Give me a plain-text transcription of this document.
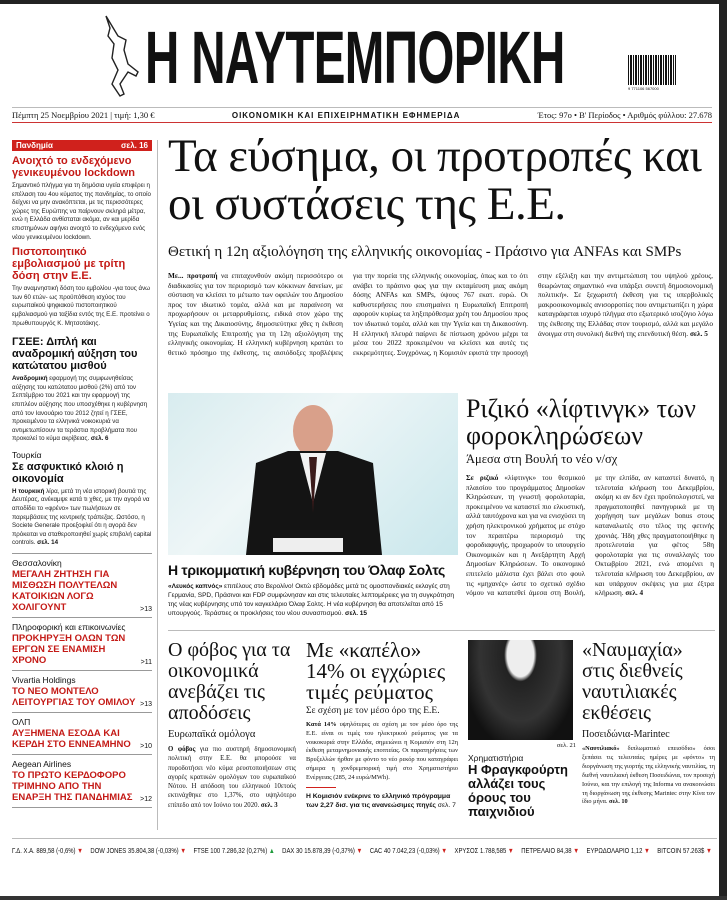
Η ΝΑΥΤΕΜΠΟΡΙΚΗ	9 771106 567000
Πέμπτη 25 Νοεμβρίου 2021 | τιμή: 1,30 €	ΟΙΚΟΝΟΜΙΚΗ ΚΑΙ ΕΠΙΧΕΙΡΗΜΑΤΙΚΗ ΕΦΗΜΕΡΙΔΑ	Έτος: 97ο • Β' Περίοδος • Αριθμός φύλλου: 27.678
Πανδημία	σελ. 16
Ανοιχτό το ενδεχόμενο γενικευμένου lockdown
Σημαντικό πλήγμα για τη δημόσια υγεία επιφέρει η επέλαση του 4ου κύματος της πανδημίας, το οποίο δείχνει να μην ανακόπτεται, με τις περισσότερες χώρες της Ευρώπης να παίρνουν σκληρά μέτρα, ενώ η Ελλάδα ανθίσταται ακόμα, αν και μερίδα επιστημόνων αφήνει ανοιχτό το ενδεχόμενο ενός νέου γενικευμένου lockdown.
Πιστοποιητικό εμβολιασμού με τρίτη δόση στην Ε.Ε.
Την αναμνηστική δόση του εμβολίου -για τους άνω των 60 ετών- ως προϋπόθεση ισχύος του ευρωπαϊκού ψηφιακού πιστοποιητικού εμβολιασμού για ταξίδια εντός της Ε.Ε. προτείνει ο πρωθυπουργός Κ. Μητσοτάκης.
ΓΣΕΕ: Διπλή και αναδρομική αύξηση του κατώτατου μισθού
Αναδρομική εφαρμογή της συμφωνηθείσας αύξησης του κατώτατου μισθού (2%) από τον Σεπτέμβριο του 2021 και την εφαρμογή της επιπλέον αύξησης που υποσχέθηκε η κυβέρνηση από τον Ιανουάριο του 2012 ζητεί η ΓΣΕΕ, προκειμένου τα ελληνικά νοικοκυριά να αντιμετωπίσουν τα τεράστια προβλήματα που προκαλεί το κύμα ακρίβειας. σελ. 6
Τουρκία
Σε ασφυκτικό κλοιό η οικονομία
Η τουρκική λίρα, μετά τη νέα ιστορική βουτιά της Δευτέρας, ανέκαμψε κατά τι χθες, με την αγορά να αποδίδει το «φρένο» των πωλήσεων σε παρεμβάσεις της κεντρικής τράπεζας. Ωστόσο, η Societe Generale προεξοφλεί ότι η αγορά δεν πρόκειται να σταθεροποιηθεί χωρίς επιβολή capital controls. σελ. 14
Θεσσαλονίκη
ΜΕΓΑΛΗ ΖΗΤΗΣΗ ΓΙΑ ΜΙΣΘΩΣΗ ΠΟΛΥΤΕΛΩΝ ΚΑΤΟΙΚΙΩΝ ΛΟΓΩ ΧΟΛΙΓΟΥΝΤ	>13
Πληροφορική και επικοινωνίες
ΠΡΟΚΗΡΥΞΗ ΟΛΩΝ ΤΩΝ ΕΡΓΩΝ ΣΕ ΕΝΑΜΙΣΗ ΧΡΟΝΟ	>11
Vivartia Holdings
ΤΟ ΝΕΟ ΜΟΝΤΕΛΟ ΛΕΙΤΟΥΡΓΙΑΣ ΤΟΥ ΟΜΙΛΟΥ >13
ΟΛΠ
ΑΥΞΗΜΕΝΑ ΕΣΟΔΑ ΚΑΙ ΚΕΡΔΗ ΣΤΟ ΕΝΝΕΑΜΗΝΟ	>10
Aegean Airlines
ΤΟ ΠΡΩΤΟ ΚΕΡΔΟΦΟΡΟ ΤΡΙΜΗΝΟ ΑΠΟ ΤΗΝ ΕΝΑΡΞΗ ΤΗΣ ΠΑΝΔΗΜΙΑΣ	>12
Τα εύσημα, οι προτροπές και οι συστάσεις της Ε.Ε.
Θετική η 12η αξιολόγηση της ελληνικής οικονομίας - Πράσινο για ANFAs και SMPs
Με... προτροπή να επιταχυνθούν ακόμη περισσότερο οι διαδικασίες για τον περιορισμό των κόκκινων δανείων, με σύσταση να κλείσει το μέτωπο των οφειλών του Δημοσίου προς τον ιδιωτικό τομέα, αλλά και με παραίνεση να προχωρήσουν οι μεταρρυθμίσεις, ειδικά στον χώρο της Υγείας και της Δικαιοσύνης, δημοσιεύτηκε χθες η έκθεση της Ευρωπαϊκής Επιτροπής για τη 12η αξιολόγηση της ελληνικής οικονομίας. Η ελληνική κυβέρνηση κρατάει το θετικό πρόσημο της έκθεσης, τις αισιόδοξες προβλέψεις για την πορεία της ελληνικής οικονομίας, όπως και το ότι ανάβει το πράσινο φως για την εκταμίευση μιας ακόμη δόσης ANFAs και SMPs, ύψους 767 εκατ. ευρώ. Οι καθυστερήσεις που επισημαίνει η Ευρωπαϊκή Επιτροπή αφορούν κυρίως τα ληξιπρόθεσμα χρέη του Δημοσίου προς τον ιδιωτικό τομέα, αλλά και την Υγεία και τη Δικαιοσύνη. Η ελληνική πλευρά παίρνει δε πίστωση χρόνου μέχρι τα μέσα του 2022 προκειμένου να κλείσει και αυτές τις εκκρεμότητες. Συγχρόνως, η Κομισιόν εφιστά την προσοχή στην εξέλιξη και την αντιμετώπιση του υψηλού χρέους, θεωρώντας σημαντικό «να υπάρξει συνετή δημοσιονομική πολιτική». Σε ξεχωριστή έκθεση για τις υπερβολικές μακροοικονομικές ανισορροπίες που αντιμετωπίζει η χώρα καταγράφεται ισχυρό πλήγμα στο εξωτερικό ισοζύγιο λόγω της έκθεσης της Ελλάδας στον τουρισμό, αλλά και μεγάλο άνοιγμα στη συνολική διεθνή της επενδυτική θέση. σελ. 5
Η τρικομματική κυβέρνηση του Όλαφ Σολτς
«Λευκός καπνός» επιτέλους στο Βερολίνο! Οκτώ εβδομάδες μετά τις ομοσπονδιακές εκλογές στη Γερμανία, SPD, Πράσινοι και FDP συμφώνησαν και στις τελευταίες λεπτομέρειες για τη συγκρότηση της νέας κυβέρνησης υπό τον καγκελάριο Όλαφ Σολτς. Η νέα κυβέρνηση θα αποτελείται από 15 υπουργούς. Τεράστιες οι προκλήσεις του νέου συνασπισμού. σελ. 15
Ριζικό «λίφτινγκ» των φοροκληρώσεων
Άμεσα στη Βουλή το νέο ν/σχ
Σε ριζικό «λίφτινγκ» του θεσμικού πλαισίου του προγράμματος Δημοσίων Κληρώσεων, τη γνωστή φορολοταρία, προκειμένου να καταστεί πιο ελκυστική, αλλά ταυτόχρονα και για να ενισχύσει τη χρήση ηλεκτρονικού χρήματος με στόχο τον περαιτέρω περιορισμό της φοροδιαφυγής, προχωρούν το υπουργείο Οικονομικών και η Ανεξάρτητη Αρχή Δημοσίων Κληρώσεων. Το οικονομικό επιτελείο μάλιστα έχει βάλει στο φουλ τις «μηχανές» ώστε το σχετικό σχέδιο νόμου να κατατεθεί άμεσα στη Βουλή, με την ελπίδα, αν καταστεί δυνατό, η τελευταία κλήρωση του Δεκεμβρίου, ακόμη κι αν δεν έχει προϋπολογιστεί, να πραγματοποιηθεί πανηγυρικά με τη χορήγηση των μεγάλων bonus στους καταναλωτές στο τέλος της φετινής χρονιάς. Ήδη χθες πραγματοποιήθηκε η προτελευταία για φέτος 58η φορολοταρία για τις συναλλαγές του Οκτωβρίου 2021, ενώ απομένει η τελευταία κλήρωση του Δεκεμβρίου, αν και υπάρχουν σκέψεις για μια έξτρα κλήρωση. σελ. 4
Ο φόβος για τα οικονομικά ανεβάζει τις αποδόσεις
Ευρωπαϊκά ομόλογα
Ο φόβος για πιο αυστηρή δημοσιονομική πολιτική στην Ε.Ε. θα μπορούσε να πυροδοτήσει νέο κύμα ρευστοποιήσεων στις αγορές κρατικών ομολόγων του ευρωπαϊκού Νότου. Η απόδοση του ελληνικού 10ετούς εκτινάχθηκε στο 1,37%, στο υψηλότερο επίπεδο από τον Ιούνιο του 2020. σελ. 3
Με «καπέλο» 14% οι εγχώριες τιμές ρεύματος
Σε σχέση με τον μέσο όρο της Ε.Ε.
Κατά 14% υψηλότερες σε σχέση με τον μέσο όρο της Ε.Ε. είναι οι τιμές του ηλεκτρικού ρεύματος για τα νοικοκυριά στην Ελλάδα, σημειώνει η Κομισιόν στη 12η έκθεση μεταμνημονιακής εποπτείας. Οι παρατηρήσεις των Βρυξελλών ήρθαν με φόντο το νέο ρεκόρ που καταγράφει σήμερα η χονδρεμπορική τιμή στο Χρηματιστήριο Ενέργειας (285, 24 ευρώ/MWh).
Η Κομισιόν ενέκρινε το ελληνικό πρόγραμμα των 2,27 δισ. για τις ανανεώσιμες πηγές σελ. 7
σελ. 21
Χρηματιστήρια
Η Φραγκφούρτη αλλάζει τους όρους του παιχνιδιού
«Ναυμαχία» στις διεθνείς ναυτιλιακές εκθέσεις
Ποσειδώνια-Marintec
«Ναυτιλιακό» διπλωματικό επεισόδιο» όσοι ξεπάσει τις τελευταίες ημέρες με «φόντο» τη διοργάνωση της γιορτής της ελληνικής ναυτιλίας, τη διεθνή ναυτιλιακή έκθεση Ποσειδώνια, τον προσεχή Ιούνιο, και την επιλογή της Informa να ανακοινώσει τη διοργάνωση της έκθεσης Marintec στην Κίνα τον ίδιο μήνα. σελ. 10
Γ.Δ. Χ.Α. 889,58 (-0,6%) ▼ DOW JONES 35.804,38 (-0,03%) ▼ FTSE 100 7.286,32 (0,27%) ▲ DAX 30 15.878,39 (-0,37%) ▼ CAC 40 7.042,23 (-0,03%) ▼ ΧΡΥΣΟΣ 1.788,585 ▼ ΠΕΤΡΕΛΑΙΟ 84,38 ▼ ΕΥΡΩΔΟΛΑΡΙΟ 1,12 ▼ BITCOIN 57.263$ ▼
